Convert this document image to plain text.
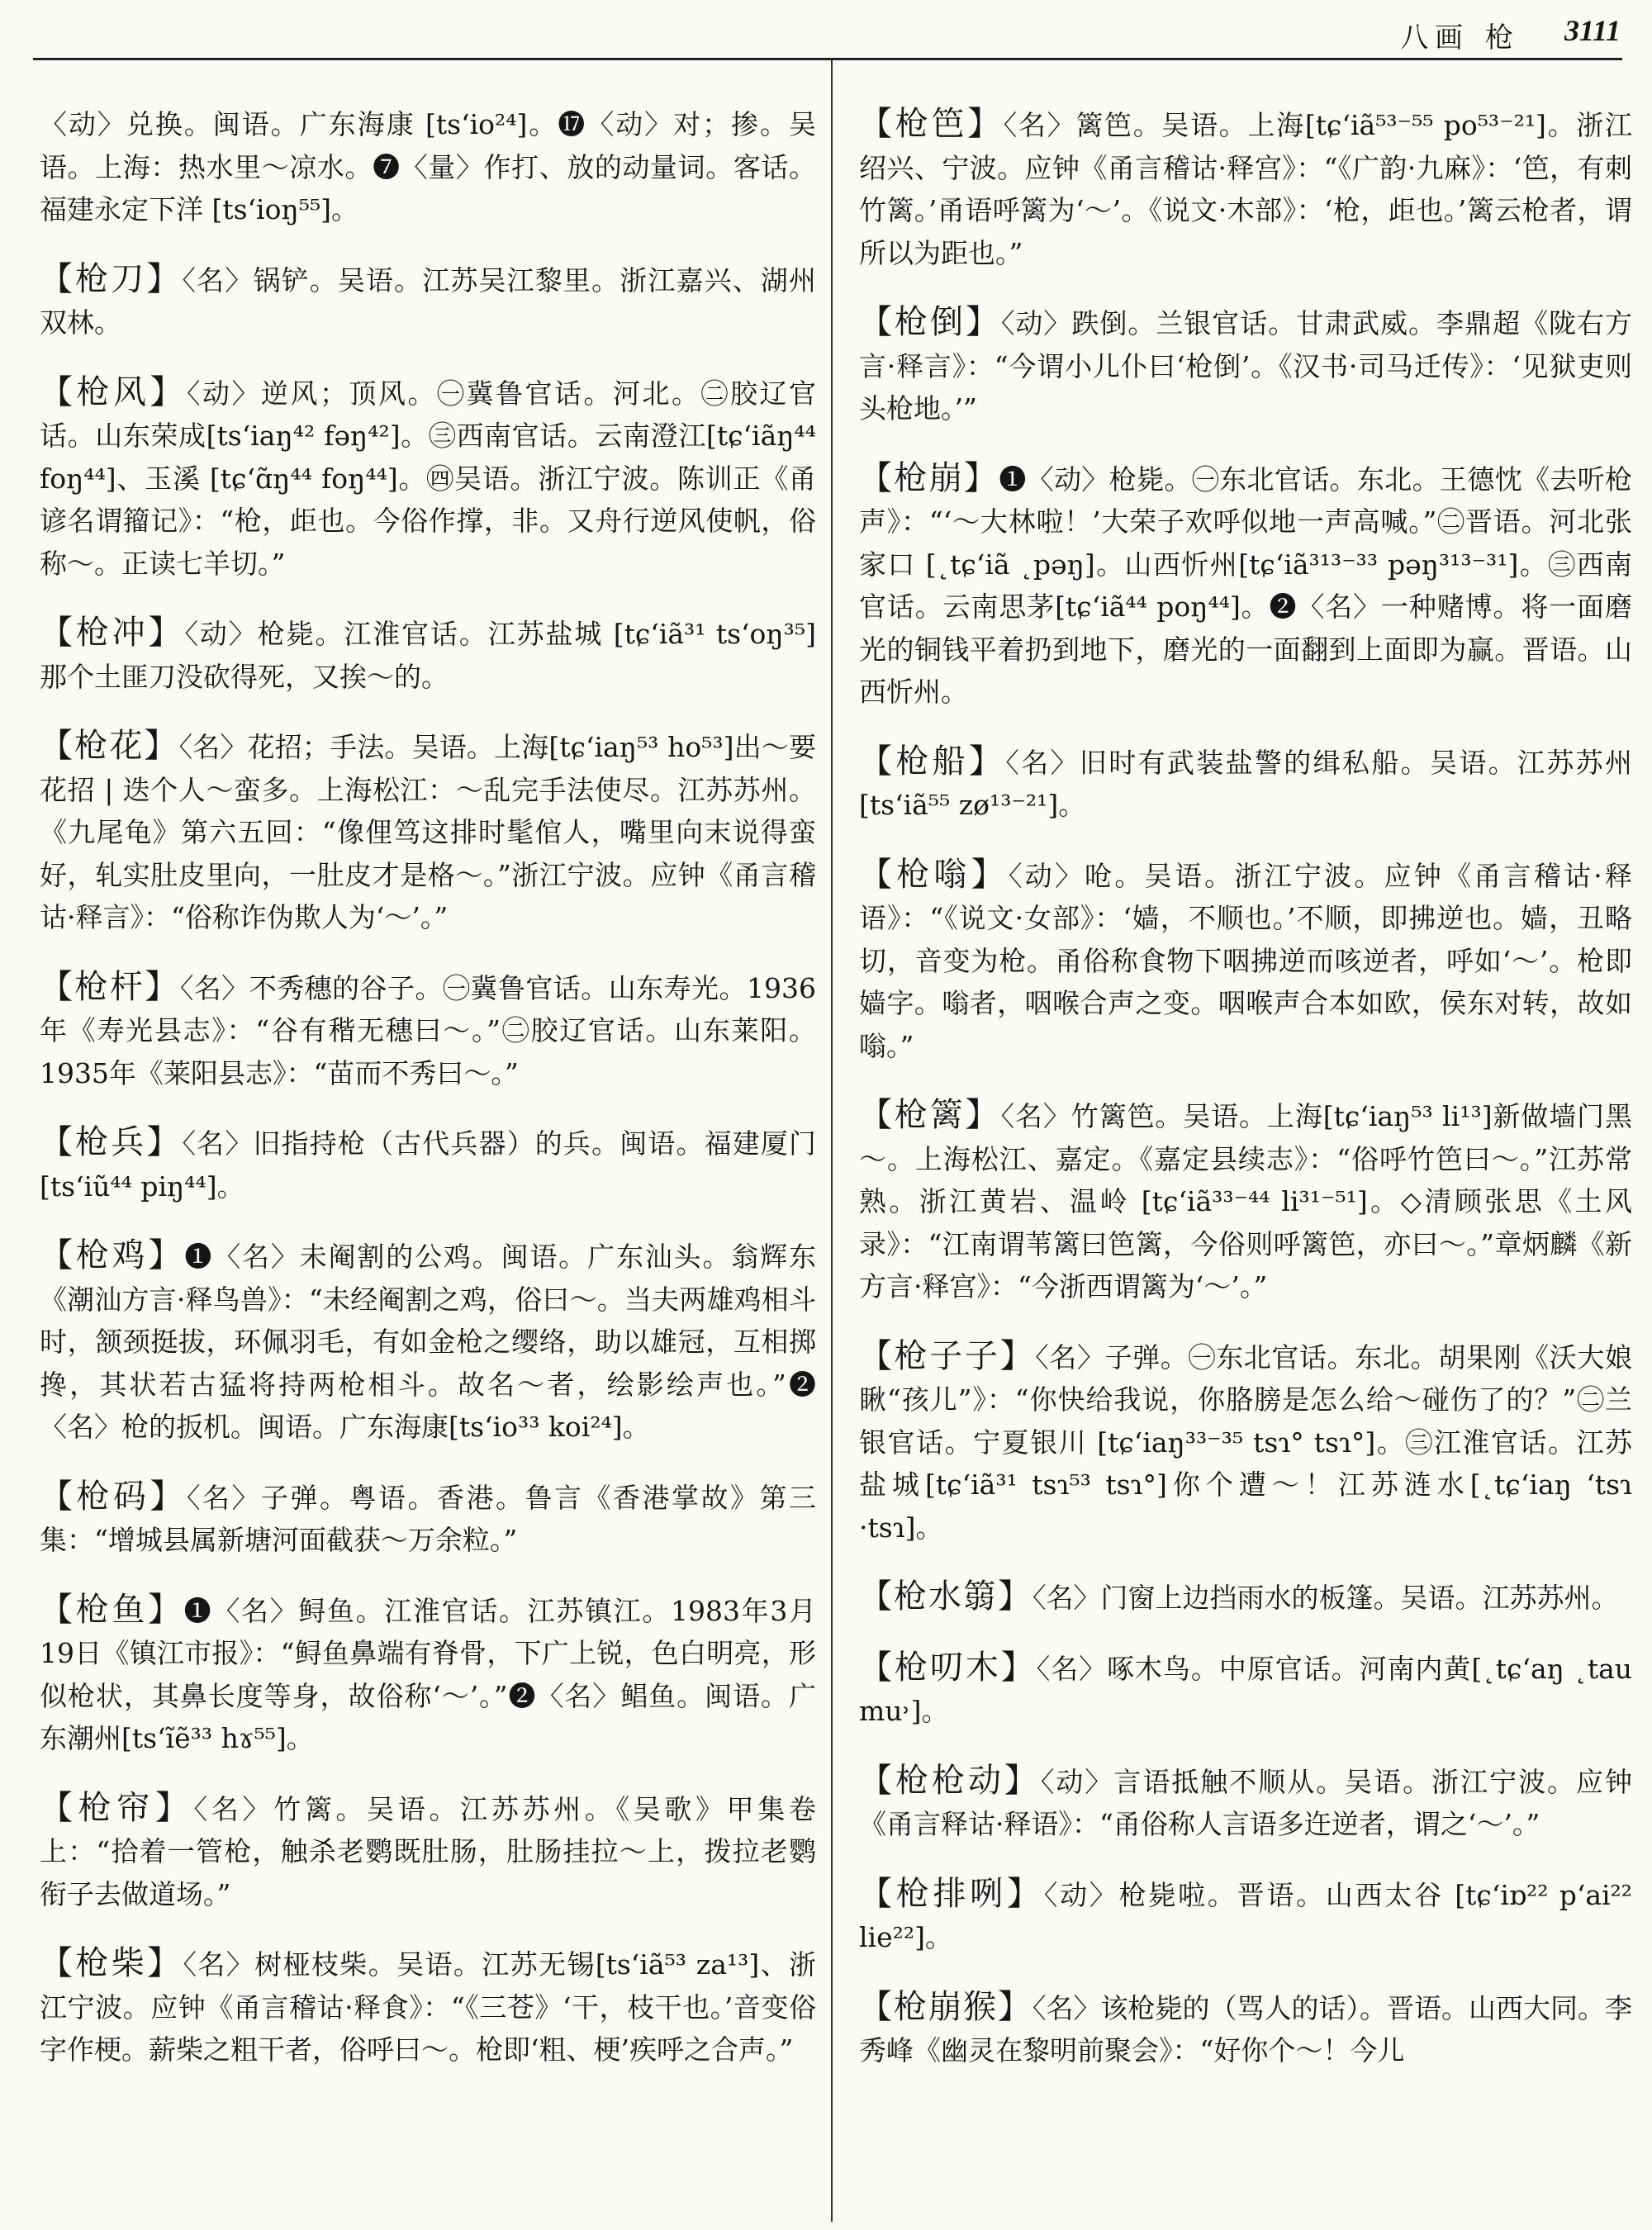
八画 枪 3111

〈动〉兑换。闽语。广东海康 [ts‘io²⁴]。⓱〈动〉对；掺。吴语。上海：热水里～凉水。❼〈量〉作打、放的动量词。客话。福建永定下洋 [ts‘ioŋ⁵⁵]。

【枪刀】〈名〉锅铲。吴语。江苏吴江黎里。浙江嘉兴、湖州双林。

【枪风】〈动〉逆风；顶风。㊀冀鲁官话。河北。㊁胶辽官话。山东荣成[ts‘iaŋ⁴² fəŋ⁴²]。㊂西南官话。云南澄江[tɕ‘iãŋ⁴⁴ foŋ⁴⁴]、玉溪 [tɕ‘ɑ̃ŋ⁴⁴ foŋ⁴⁴]。㊃吴语。浙江宁波。陈训正《甬谚名谓籀记》：“枪，歫也。今俗作撑，非。又舟行逆风使帆，俗称～。正读七羊切。”

【枪冲】〈动〉枪毙。江淮官话。江苏盐城 [tɕ‘iã³¹ ts‘oŋ³⁵] 那个土匪刀没砍得死，又挨～的。

【枪花】〈名〉花招；手法。吴语。上海[tɕ‘iaŋ⁵³ ho⁵³]出～要花招 | 迭个人～蛮多。上海松江：～乱完手法使尽。江苏苏州。《九尾龟》第六五回：“像俚笃这排时髦倌人，嘴里向末说得蛮好，轧实肚皮里向，一肚皮才是格～。”浙江宁波。应钟《甬言稽诂·释言》：“俗称诈伪欺人为‘～’。”

【枪杆】〈名〉不秀穗的谷子。㊀冀鲁官话。山东寿光。1936年《寿光县志》：“谷有稭无穗曰～。”㊁胶辽官话。山东莱阳。1935年《莱阳县志》：“苗而不秀曰～。”

【枪兵】〈名〉旧指持枪（古代兵器）的兵。闽语。福建厦门[ts‘iũ⁴⁴ piŋ⁴⁴]。

【枪鸡】❶〈名〉未阉割的公鸡。闽语。广东汕头。翁辉东《潮汕方言·释鸟兽》：“未经阉割之鸡，俗曰～。当夫两雄鸡相斗时，颔颈挺拔，环佩羽毛，有如金枪之缨络，助以雄冠，互相掷搀，其状若古猛将持两枪相斗。故名～者，绘影绘声也。”❷〈名〉枪的扳机。闽语。广东海康[ts‘io³³ koi²⁴]。

【枪码】〈名〉子弹。粤语。香港。鲁言《香港掌故》第三集：“增城县属新塘河面截获～万余粒。”

【枪鱼】❶〈名〉鲟鱼。江淮官话。江苏镇江。1983年3月19日《镇江市报》：“鲟鱼鼻端有脊骨，下广上锐，色白明亮，形似枪状，其鼻长度等身，故俗称‘～’。”❷〈名〉鲳鱼。闽语。广东潮州[ts‘ĩẽ³³ hɤ⁵⁵]。

【枪帘】〈名〉竹篱。吴语。江苏苏州。《吴歌》甲集卷上：“拾着一管枪，触杀老鹦既肚肠，肚肠挂拉～上，拨拉老鹦衔子去做道场。”

【枪柴】〈名〉树桠枝柴。吴语。江苏无锡[ts‘iã⁵³ za¹³]、浙江宁波。应钟《甬言稽诂·释食》：“《三苍》‘干，枝干也。’音变俗字作梗。薪柴之粗干者，俗呼曰～。枪即‘粗、梗’疾呼之合声。”

【枪笆】〈名〉篱笆。吴语。上海[tɕ‘iã⁵³⁻⁵⁵ po⁵³⁻²¹]。浙江绍兴、宁波。应钟《甬言稽诂·释宫》：“《广韵·九麻》：‘笆，有刺竹篱。’甬语呼篱为‘～’。《说文·木部》：‘枪，歫也。’篱云枪者，谓所以为距也。”

【枪倒】〈动〉跌倒。兰银官话。甘肃武威。李鼎超《陇右方言·释言》：“今谓小儿仆曰‘枪倒’。《汉书·司马迁传》：‘见狱吏则头枪地。’”

【枪崩】❶〈动〉枪毙。㊀东北官话。东北。王德忱《去听枪声》：“‘～大林啦！’大荣子欢呼似地一声高喊。”㊁晋语。河北张家口 [˛tɕ‘iã ˛pəŋ]。山西忻州[tɕ‘iã³¹³⁻³³ pəŋ³¹³⁻³¹]。㊂西南官话。云南思茅[tɕ‘iã⁴⁴ poŋ⁴⁴]。❷〈名〉一种赌博。将一面磨光的铜钱平着扔到地下，磨光的一面翻到上面即为赢。晋语。山西忻州。

【枪船】〈名〉旧时有武装盐警的缉私船。吴语。江苏苏州 [ts‘iã⁵⁵ zø¹³⁻²¹]。

【枪嗡】〈动〉呛。吴语。浙江宁波。应钟《甬言稽诂·释语》：“《说文·女部》：‘嫱，不顺也。’不顺，即拂逆也。嫱，丑略切，音变为枪。甬俗称食物下咽拂逆而咳逆者，呼如‘～’。枪即嫱字。嗡者，咽喉合声之变。咽喉声合本如欧，侯东对转，故如嗡。”

【枪篱】〈名〉竹篱笆。吴语。上海[tɕ‘iaŋ⁵³ li¹³]新做墙门黑～。上海松江、嘉定。《嘉定县续志》：“俗呼竹笆曰～。”江苏常熟。浙江黄岩、温岭 [tɕ‘iã³³⁻⁴⁴ li³¹⁻⁵¹]。◇清顾张思《土风录》：“江南谓苇篱曰笆篱，今俗则呼篱笆，亦曰～。”章炳麟《新方言·释宫》：“今浙西谓篱为‘～’。”

【枪子子】〈名〉子弹。㊀东北官话。东北。胡果刚《沃大娘瞅“孩儿”》：“你快给我说，你胳膀是怎么给～碰伤了的？”㊁兰银官话。宁夏银川 [tɕ‘iaŋ³³⁻³⁵ tsɿ° tsɿ°]。㊂江淮官话。江苏盐城[tɕ‘iã³¹ tsɿ⁵³ tsɿ°]你个遭～！江苏涟水[˛tɕ‘iaŋ ‘tsɿ ·tsɿ]。

【枪水篛】〈名〉门窗上边挡雨水的板篷。吴语。江苏苏州。

【枪叨木】〈名〉啄木鸟。中原官话。河南内黄[˛tɕ‘aŋ ˛tau mu˒]。

【枪枪动】〈动〉言语抵触不顺从。吴语。浙江宁波。应钟《甬言释诂·释语》：“甬俗称人言语多迕逆者，谓之‘～’。”

【枪排咧】〈动〉枪毙啦。晋语。山西太谷 [tɕ‘iɒ²² p‘ai²² lie²²]。

【枪崩猴】〈名〉该枪毙的（骂人的话）。晋语。山西大同。李秀峰《幽灵在黎明前聚会》：“好你个～！今儿
